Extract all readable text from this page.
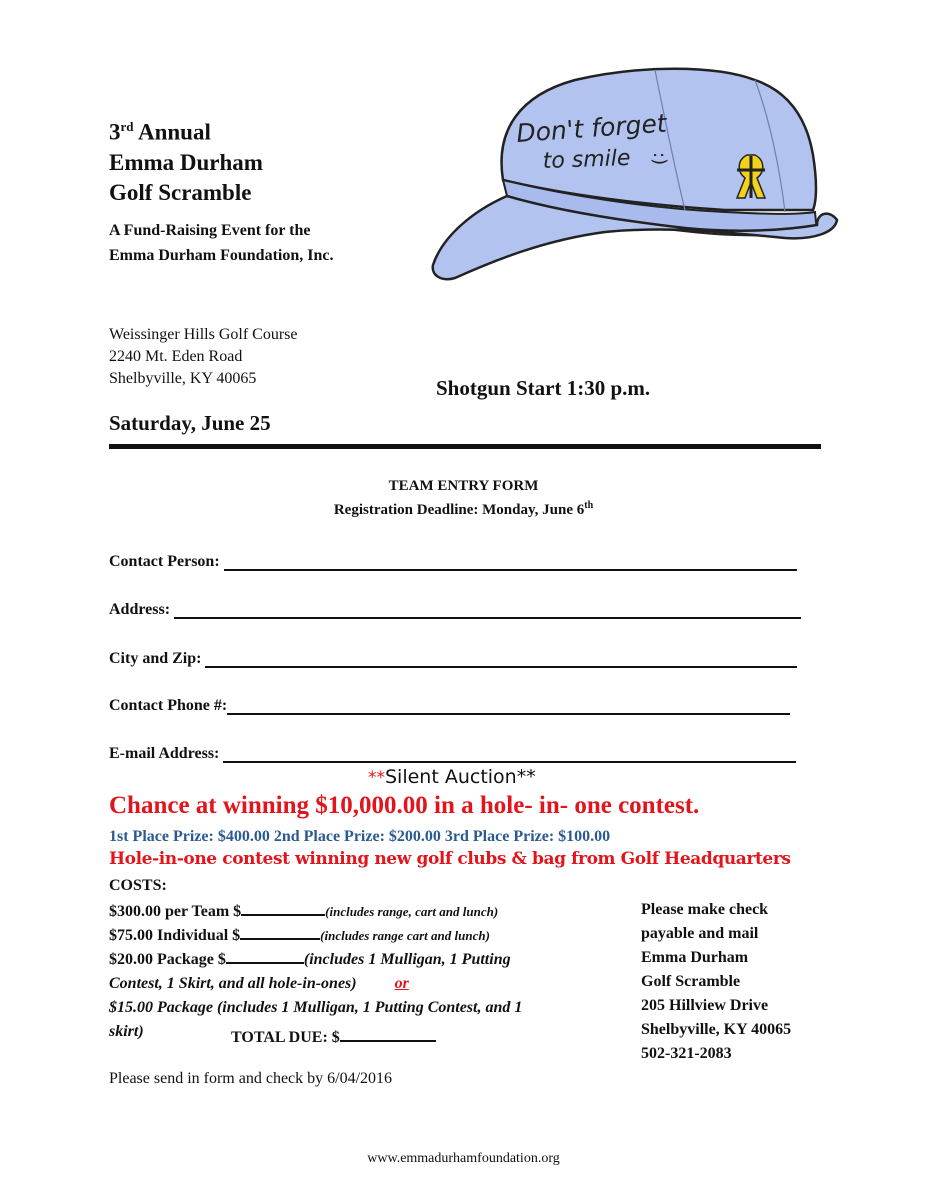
3rd Annual
Emma Durham
Golf Scramble
A Fund-Raising Event for the
Emma Durham Foundation, Inc.
Don't forget
to smile :)
Weissinger Hills Golf Course
2240 Mt. Eden Road
Shelbyville, KY 40065	Shotgun Start 1:30 p.m.
Saturday, June 25
TEAM ENTRY FORM
Registration Deadline: Monday, June 6th
Contact Person:
Address:
City and Zip:
Contact Phone #:
E-mail Address:
**Silent Auction**
Chance at winning $10,000.00 in a hole- in- one contest.
1st Place Prize: $400.00 2nd Place Prize: $200.00 3rd Place Prize: $100.00
Hole-in-one contest winning new golf clubs & bag from Golf Headquarters
COSTS:
$300.00 per Team $	(includes range, cart and lunch)
$75.00 Individual $	(includes range cart and lunch)
$20.00 Package $	(includes 1 Mulligan, 1 Putting
Contest, 1 Skirt, and all hole-in-ones) or
$15.00 Package (includes 1 Mulligan, 1 Putting Contest, and 1
skirt)	TOTAL DUE: $
Please make check
payable and mail
Emma Durham
Golf Scramble
205 Hillview Drive
Shelbyville, KY 40065
502-321-2083
Please send in form and check by 6/04/2016
www.emmadurhamfoundation.org
